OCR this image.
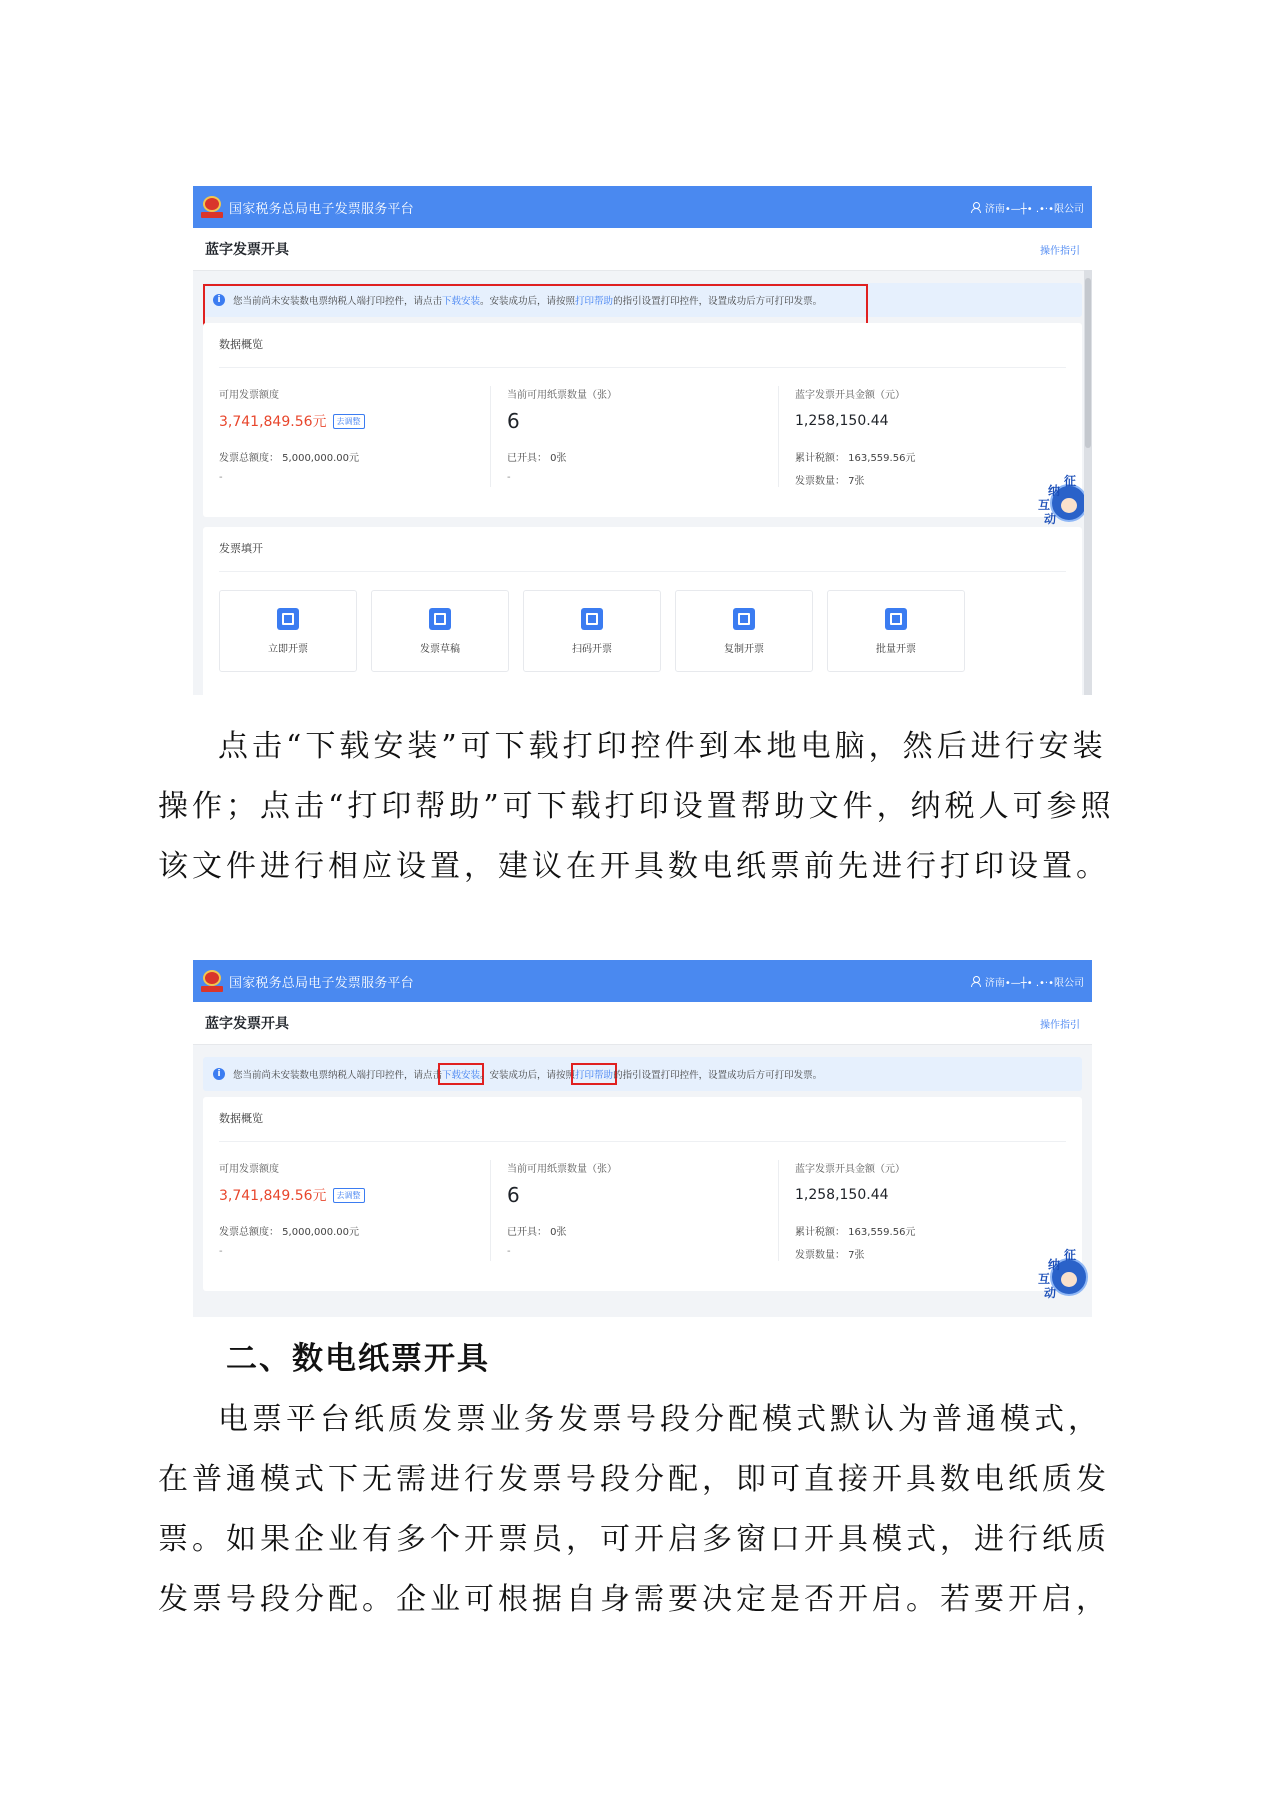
国家税务总局电子发票服务平台	济南•—┼• .•·•限公司
蓝字发票开具	操作指引
i	您当前尚未安装数电票纳税人端打印控件，请点击 下载安装 。安装成功后，请按照 打印帮助 的指引设置打印控件，设置成功后方可打印发票。
数据概览
可用发票额度
3,741,849.56元	去调整
发票总额度： 5,000,000.00元
-
当前可用纸票数量（张）
6
已开具： 0张
-
蓝字发票开具金额（元）
1,258,150.44
累计税额： 163,559.56元
发票数量： 7张	征
纳
互
动
发票填开
立即开票	发票草稿	扫码开票	复制开票	批量开票

点击“下载安装”可下载打印控件到本地电脑，然后进行安装操作；点击“打印帮助”可下载打印设置帮助文件，纳税人可参照该文件进行相应设置，建议在开具数电纸票前先进行打印设置。

国家税务总局电子发票服务平台	济南•—┼• .•·•限公司
蓝字发票开具	操作指引
i	您当前尚未安装数电票纳税人端打印控件，请点击 下载安装 。安装成功后，请按照 打印帮助 的指引设置打印控件，设置成功后方可打印发票。
数据概览
可用发票额度
3,741,849.56元	去调整
发票总额度： 5,000,000.00元
-
当前可用纸票数量（张）
6
已开具： 0张
-
蓝字发票开具金额（元）
1,258,150.44
累计税额： 163,559.56元
发票数量： 7张	征
纳
互
动
二、数电纸票开具

电票平台纸质发票业务发票号段分配模式默认为普通模式，在普通模式下无需进行发票号段分配，即可直接开具数电纸质发票。如果企业有多个开票员，可开启多窗口开具模式，进行纸质发票号段分配。企业可根据自身需要决定是否开启。若要开启，
